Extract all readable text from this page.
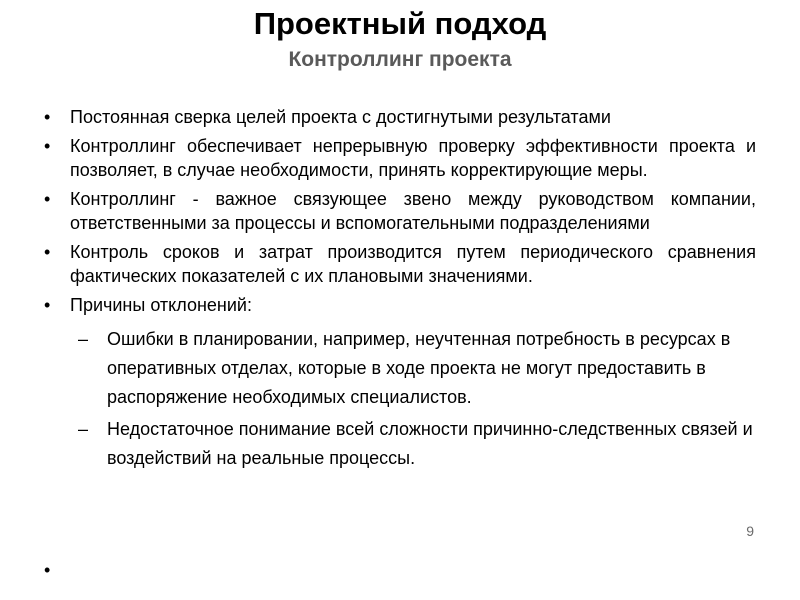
Проектный подход
Контроллинг проекта
• Постоянная сверка целей проекта с достигнутыми результатами
• Контроллинг обеспечивает непрерывную проверку эффективности проекта и позволяет, в случае необходимости, принять корректирующие меры.
• Контроллинг - важное связующее звено между руководством компании, ответственными за процессы и вспомогательными подразделениями
• Контроль сроков и затрат производится путем периодического сравнения фактических показателей с их плановыми значениями.
• Причины отклонений:
– Ошибки в планировании, например, неучтенная потребность в ресурсах в оперативных отделах, которые в ходе проекта не могут предоставить в распоряжение необходимых специалистов.
– Недостаточное понимание всей сложности причинно-следственных связей и воздействий на реальные процессы.
9
•
